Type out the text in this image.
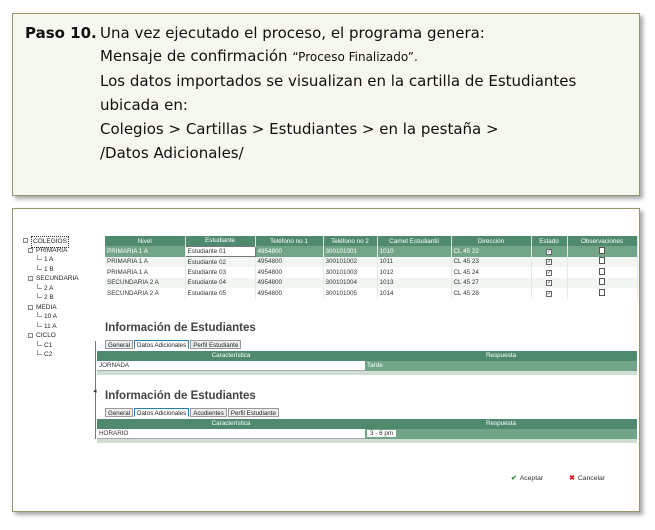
Paso 10. Una vez ejecutado el proceso, el programa genera:
Mensaje de confirmación “Proceso Finalizado”.
Los datos importados se visualizan en la cartilla de Estudiantes
ubicada en:
Colegios > Cartillas > Estudiantes > en la pestaña >
/Datos Adicionales/
-	COLEGIOS
- PRIMARIA
1 A
1 B
- SECUNDARIA
2 A
2 B
- MEDIA
10 A
11 A
- CICLO
C1
C2
Nivel	Estudiante	Teléfono no 1	Teléfono no 2	Carnet Estudiantil	Dirección	Estado	Observaciones
PRIMARIA 1 A	Estudiante 01	4954800	300101001	1010	CL 45 22	✓	
PRIMARIA 1 A	Estudiante 02	4954800	300101002	1011	CL 45 23	✓	
PRIMARIA 1 A	Estudiante 03	4954800	300101003	1012	CL 45 24	✓	
SECUNDARIA 2 A	Estudiante 04	4954800	300101004	1013	CL 45 27	✓	
SECUNDARIA 2 A	Estudiante 05	4954800	300101005	1014	CL 45 28	✓	
◂
Información de Estudiantes
General	Datos Adicionales	Perfil Estudiante
Característica	Respuesta
JORNADA	Tarde
Información de Estudiantes
General	Datos Adicionales	Acudientes	Perfil Estudiante
Característica	Respuesta
HORARIO	3 - 6 pm
✔ Aceptar	✖ Cancelar
